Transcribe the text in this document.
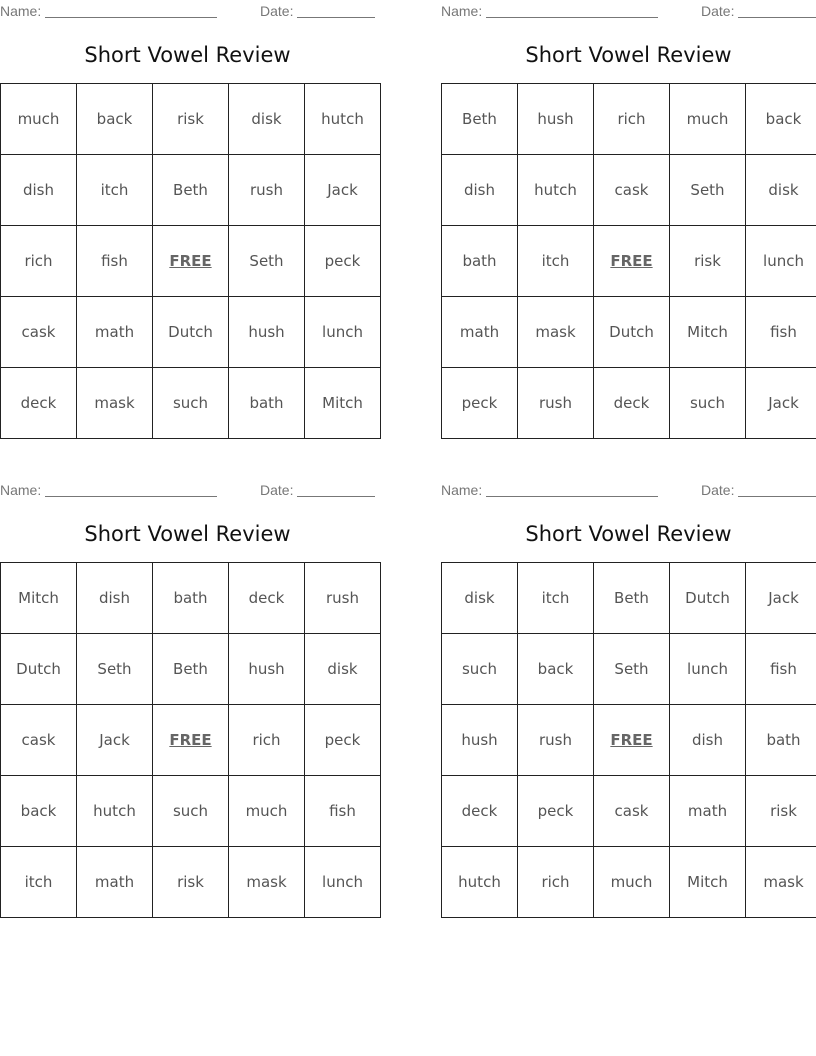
Name:	Date:
Short Vowel Review
much	back	risk	disk	hutch
dish	itch	Beth	rush	Jack
rich	fish	FREE	Seth	peck
cask	math	Dutch	hush	lunch
deck	mask	such	bath	Mitch
Name:	Date:
Short Vowel Review
Beth	hush	rich	much	back
dish	hutch	cask	Seth	disk
bath	itch	FREE	risk	lunch
math	mask	Dutch	Mitch	fish
peck	rush	deck	such	Jack
Name:	Date:
Short Vowel Review
Mitch	dish	bath	deck	rush
Dutch	Seth	Beth	hush	disk
cask	Jack	FREE	rich	peck
back	hutch	such	much	fish
itch	math	risk	mask	lunch
Name:	Date:
Short Vowel Review
disk	itch	Beth	Dutch	Jack
such	back	Seth	lunch	fish
hush	rush	FREE	dish	bath
deck	peck	cask	math	risk
hutch	rich	much	Mitch	mask
